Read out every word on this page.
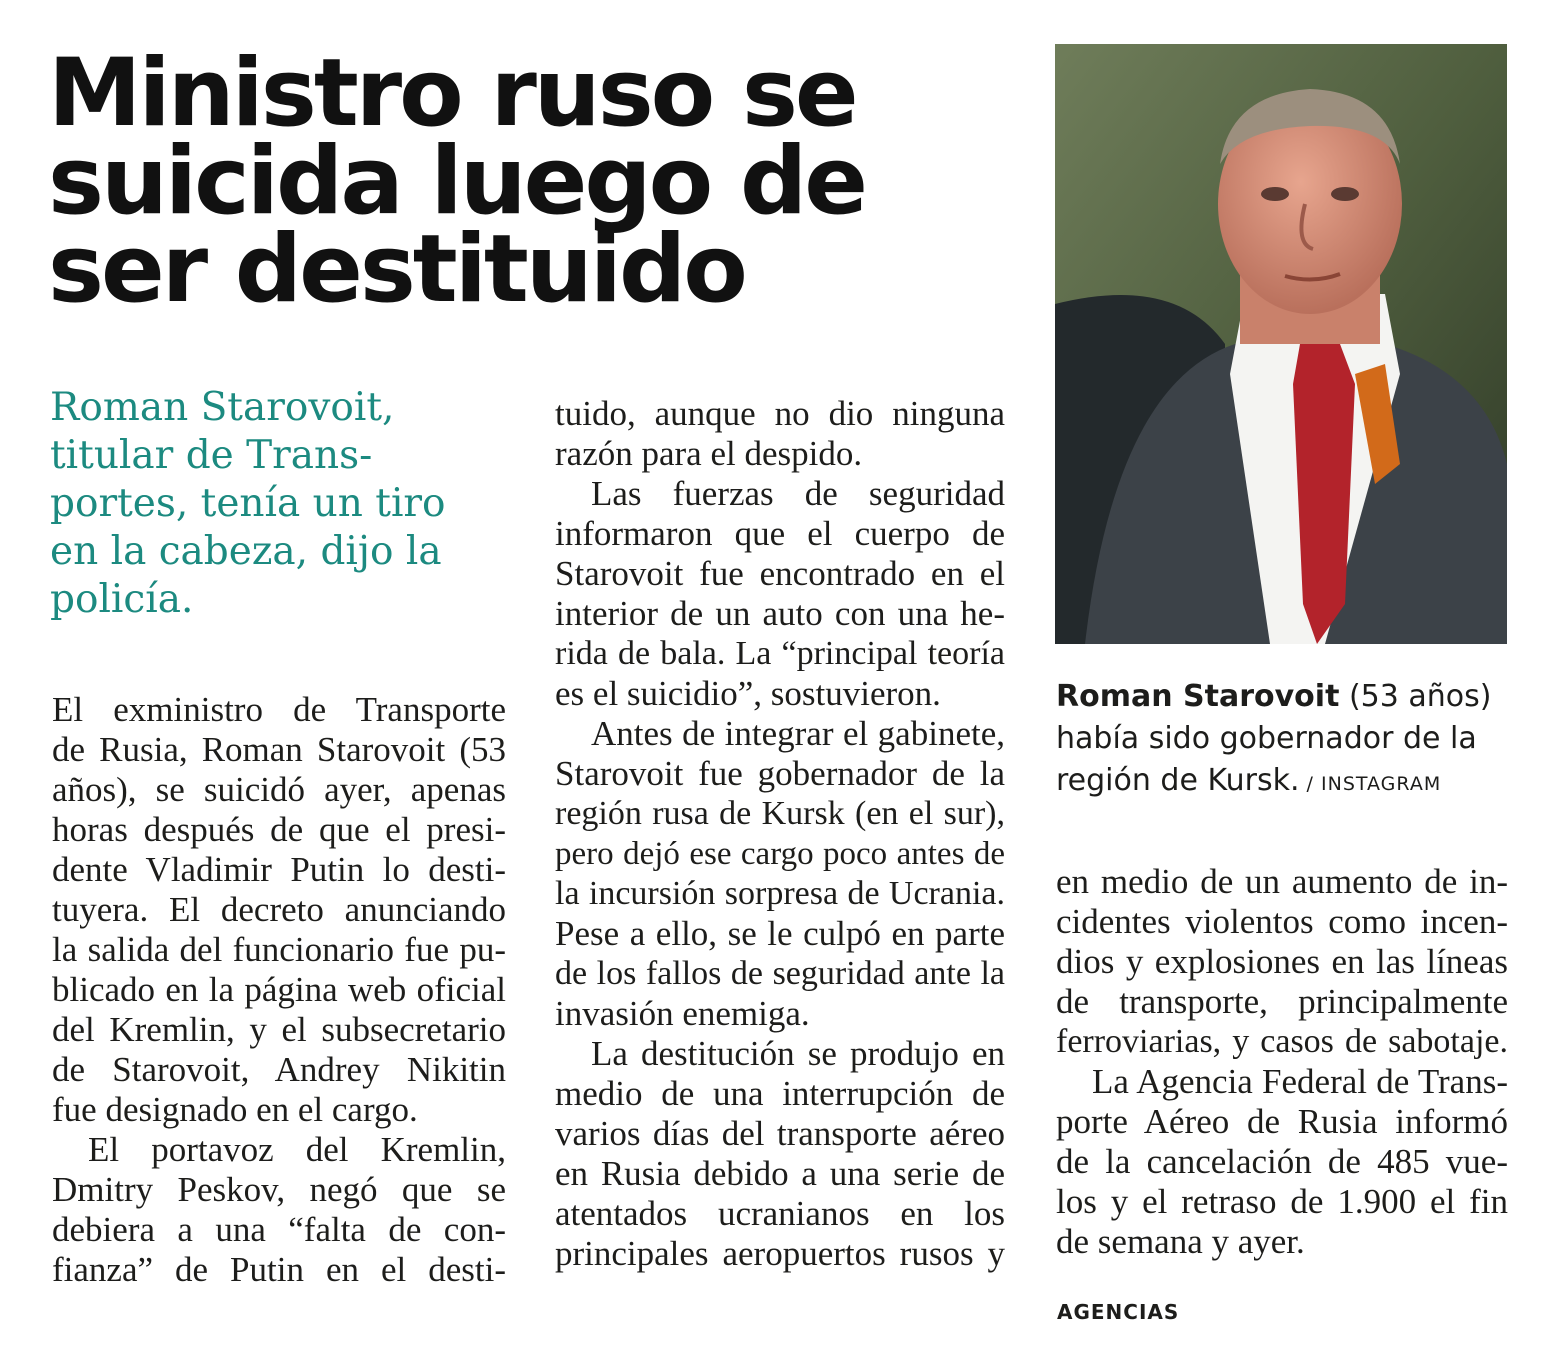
Ministro ruso se
suicida luego de
ser destituido
Roman Starovoit,
titular de Trans-
portes, tenía un tiro
en la cabeza, dijo la
policía.
El exministro de Transporte
de Rusia, Roman Starovoit (53
años), se suicidó ayer, apenas
horas después de que el presi-
dente Vladimir Putin lo desti-
tuyera. El decreto anunciando
la salida del funcionario fue pu-
blicado en la página web oficial
del Kremlin, y el subsecretario
de Starovoit, Andrey Nikitin
fue designado en el cargo.
El portavoz del Kremlin,
Dmitry Peskov, negó que se
debiera a una “falta de con-
fianza” de Putin en el desti-
tuido, aunque no dio ninguna
razón para el despido.
Las fuerzas de seguridad
informaron que el cuerpo de
Starovoit fue encontrado en el
interior de un auto con una he-
rida de bala. La “principal teoría
es el suicidio”, sostuvieron.
Antes de integrar el gabinete,
Starovoit fue gobernador de la
región rusa de Kursk (en el sur),
pero dejó ese cargo poco antes de
la incursión sorpresa de Ucrania.
Pese a ello, se le culpó en parte
de los fallos de seguridad ante la
invasión enemiga.
La destitución se produjo en
medio de una interrupción de
varios días del transporte aéreo
en Rusia debido a una serie de
atentados ucranianos en los
principales aeropuertos rusos y
Roman Starovoit (53 años)
había sido gobernador de la
región de Kursk. / INSTAGRAM
en medio de un aumento de in-
cidentes violentos como incen-
dios y explosiones en las líneas
de transporte, principalmente
ferroviarias, y casos de sabotaje.
La Agencia Federal de Trans-
porte Aéreo de Rusia informó
de la cancelación de 485 vue-
los y el retraso de 1.900 el fin
de semana y ayer.
AGENCIAS
